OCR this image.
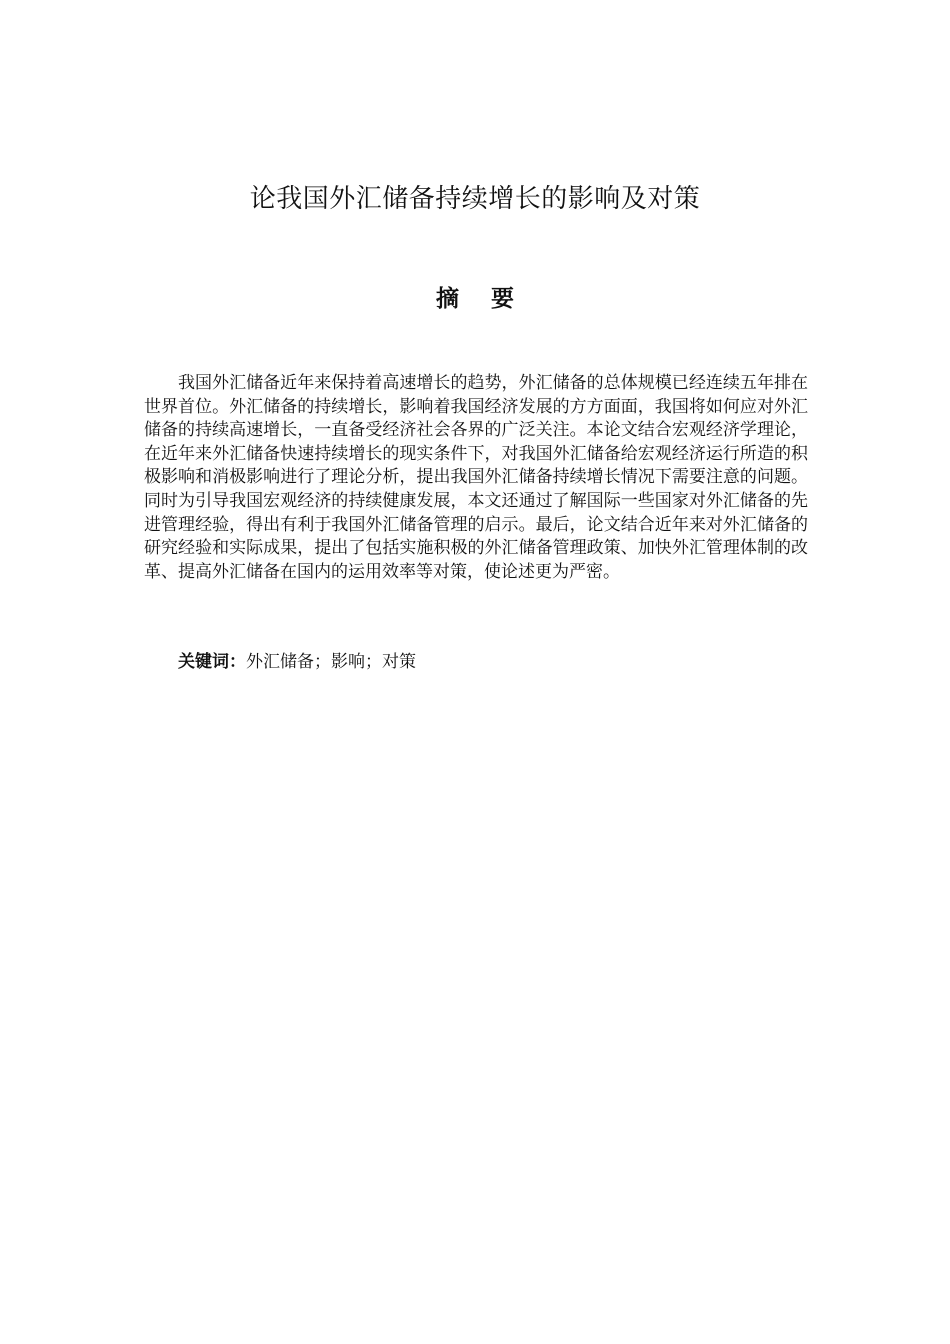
论我国外汇储备持续增长的影响及对策
摘 要

我国外汇储备近年来保持着高速增长的趋势，外汇储备的总体规模已经连续五年排在世界首位。外汇储备的持续增长，影响着我国经济发展的方方面面，我国将如何应对外汇储备的持续高速增长，一直备受经济社会各界的广泛关注。本论文结合宏观经济学理论，在近年来外汇储备快速持续增长的现实条件下，对我国外汇储备给宏观经济运行所造的积极影响和消极影响进行了理论分析，提出我国外汇储备持续增长情况下需要注意的问题。同时为引导我国宏观经济的持续健康发展，本文还通过了解国际一些国家对外汇储备的先进管理经验，得出有利于我国外汇储备管理的启示。最后，论文结合近年来对外汇储备的研究经验和实际成果，提出了包括实施积极的外汇储备管理政策、加快外汇管理体制的改革、提高外汇储备在国内的运用效率等对策，使论述更为严密。

关键词：外汇储备；影响；对策
